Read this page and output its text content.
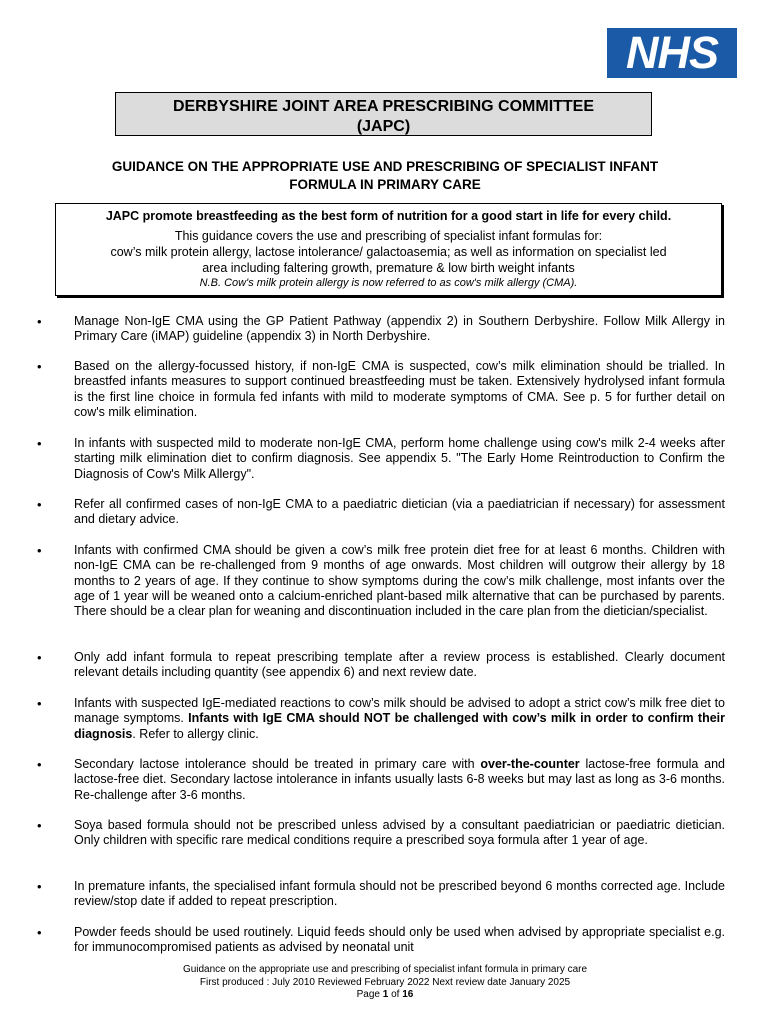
NHS
DERBYSHIRE JOINT AREA PRESCRIBING COMMITTEE
(JAPC)
GUIDANCE ON THE APPROPRIATE USE AND PRESCRIBING OF SPECIALIST INFANT
FORMULA IN PRIMARY CARE
JAPC promote breastfeeding as the best form of nutrition for a good start in life for every child.
This guidance covers the use and prescribing of specialist infant formulas for:
cow’s milk protein allergy, lactose intolerance/ galactoasemia; as well as information on specialist led
area including faltering growth, premature & low birth weight infants
N.B. Cow's milk protein allergy is now referred to as cow's milk allergy (CMA).
• Manage Non-IgE CMA using the GP Patient Pathway (appendix 2) in Southern Derbyshire. Follow Milk Allergy in Primary Care (iMAP) guideline (appendix 3) in North Derbyshire.
• Based on the allergy-focussed history, if non-IgE CMA is suspected, cow’s milk elimination should be trialled. In breastfed infants measures to support continued breastfeeding must be taken. Extensively hydrolysed infant formula is the first line choice in formula fed infants with mild to moderate symptoms of CMA. See p. 5 for further detail on cow's milk elimination.
• In infants with suspected mild to moderate non-IgE CMA, perform home challenge using cow's milk 2-4 weeks after starting milk elimination diet to confirm diagnosis. See appendix 5. "The Early Home Reintroduction to Confirm the Diagnosis of Cow's Milk Allergy".
• Refer all confirmed cases of non-IgE CMA to a paediatric dietician (via a paediatrician if necessary) for assessment and dietary advice.
• Infants with confirmed CMA should be given a cow’s milk free protein diet free for at least 6 months. Children with non-IgE CMA can be re-challenged from 9 months of age onwards. Most children will outgrow their allergy by 18 months to 2 years of age. If they continue to show symptoms during the cow’s milk challenge, most infants over the age of 1 year will be weaned onto a calcium-enriched plant-based milk alternative that can be purchased by parents. There should be a clear plan for weaning and discontinuation included in the care plan from the dietician/specialist.
• Only add infant formula to repeat prescribing template after a review process is established. Clearly document relevant details including quantity (see appendix 6) and next review date.
• Infants with suspected IgE-mediated reactions to cow’s milk should be advised to adopt a strict cow’s milk free diet to manage symptoms. Infants with IgE CMA should NOT be challenged with cow’s milk in order to confirm their diagnosis. Refer to allergy clinic.
• Secondary lactose intolerance should be treated in primary care with over-the-counter lactose-free formula and lactose-free diet. Secondary lactose intolerance in infants usually lasts 6-8 weeks but may last as long as 3-6 months. Re-challenge after 3-6 months.
• Soya based formula should not be prescribed unless advised by a consultant paediatrician or paediatric dietician. Only children with specific rare medical conditions require a prescribed soya formula after 1 year of age.
• In premature infants, the specialised infant formula should not be prescribed beyond 6 months corrected age. Include review/stop date if added to repeat prescription.
• Powder feeds should be used routinely. Liquid feeds should only be used when advised by appropriate specialist e.g. for immunocompromised patients as advised by neonatal unit
Guidance on the appropriate use and prescribing of specialist infant formula in primary care
First produced : July 2010 Reviewed February 2022 Next review date January 2025
Page 1 of 16
